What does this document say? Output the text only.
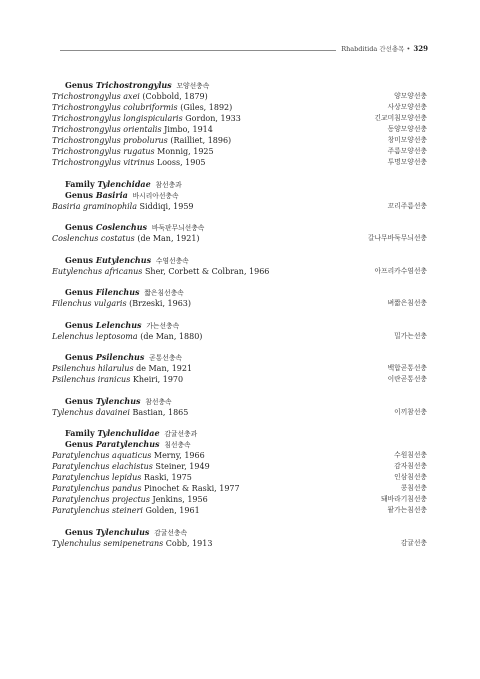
Rhabditida 간선충목 • 329
Genus Trichostrongylus 모양선충속
Trichostrongylus axei (Cobbold, 1879)	양모양선충
Trichostrongylus colubriformis (Giles, 1892)	사상모양선충
Trichostrongylus longispicularis Gordon, 1933	긴교미침모양선충
Trichostrongylus orientalis Jimbo, 1914	동양모양선충
Trichostrongylus probolurus (Railliet, 1896)	창미모양선충
Trichostrongylus rugatus Monnig, 1925	주름모양선충
Trichostrongylus vitrinus Looss, 1905	투명모양선충
Family Tylenchidae 참선충과
Genus Basiria 바시리아선충속
Basiria graminophila Siddiqi, 1959	꼬리주름선충
Genus Coslenchus 바둑판무늬선충속
Coslenchus costatus (de Man, 1921)	갈나무바둑무늬선충
Genus Eutylenchus 수염선충속
Eutylenchus africanus Sher, Corbett & Colbran, 1966	아프리카수염선충
Genus Filenchus 짧은침선충속
Filenchus vulgaris (Brzeski, 1963)	벼짧은침선충
Genus Lelenchus 가는선충속
Lelenchus leptosoma (de Man, 1880)	밀가는선충
Genus Psilenchus 곧통선충속
Psilenchus hilarulus de Man, 1921	백합곧통선충
Psilenchus iranicus Kheiri, 1970	이란곧통선충
Genus Tylenchus 참선충속
Tylenchus davainei Bastian, 1865	이끼참선충
Family Tylenchulidae 감귤선충과
Genus Paratylenchus 침선충속
Paratylenchus aquaticus Merny, 1966	수원침선충
Paratylenchus elachistus Steiner, 1949	감자침선충
Paratylenchus lepidus Raski, 1975	인삼침선충
Paratylenchus pandus Pinochet & Raski, 1977	콩침선충
Paratylenchus projectus Jenkins, 1956	돼바라기침선충
Paratylenchus steineri Golden, 1961	팥가는침선충
Genus Tylenchulus 감귤선충속
Tylenchulus semipenetrans Cobb, 1913	감귤선충
